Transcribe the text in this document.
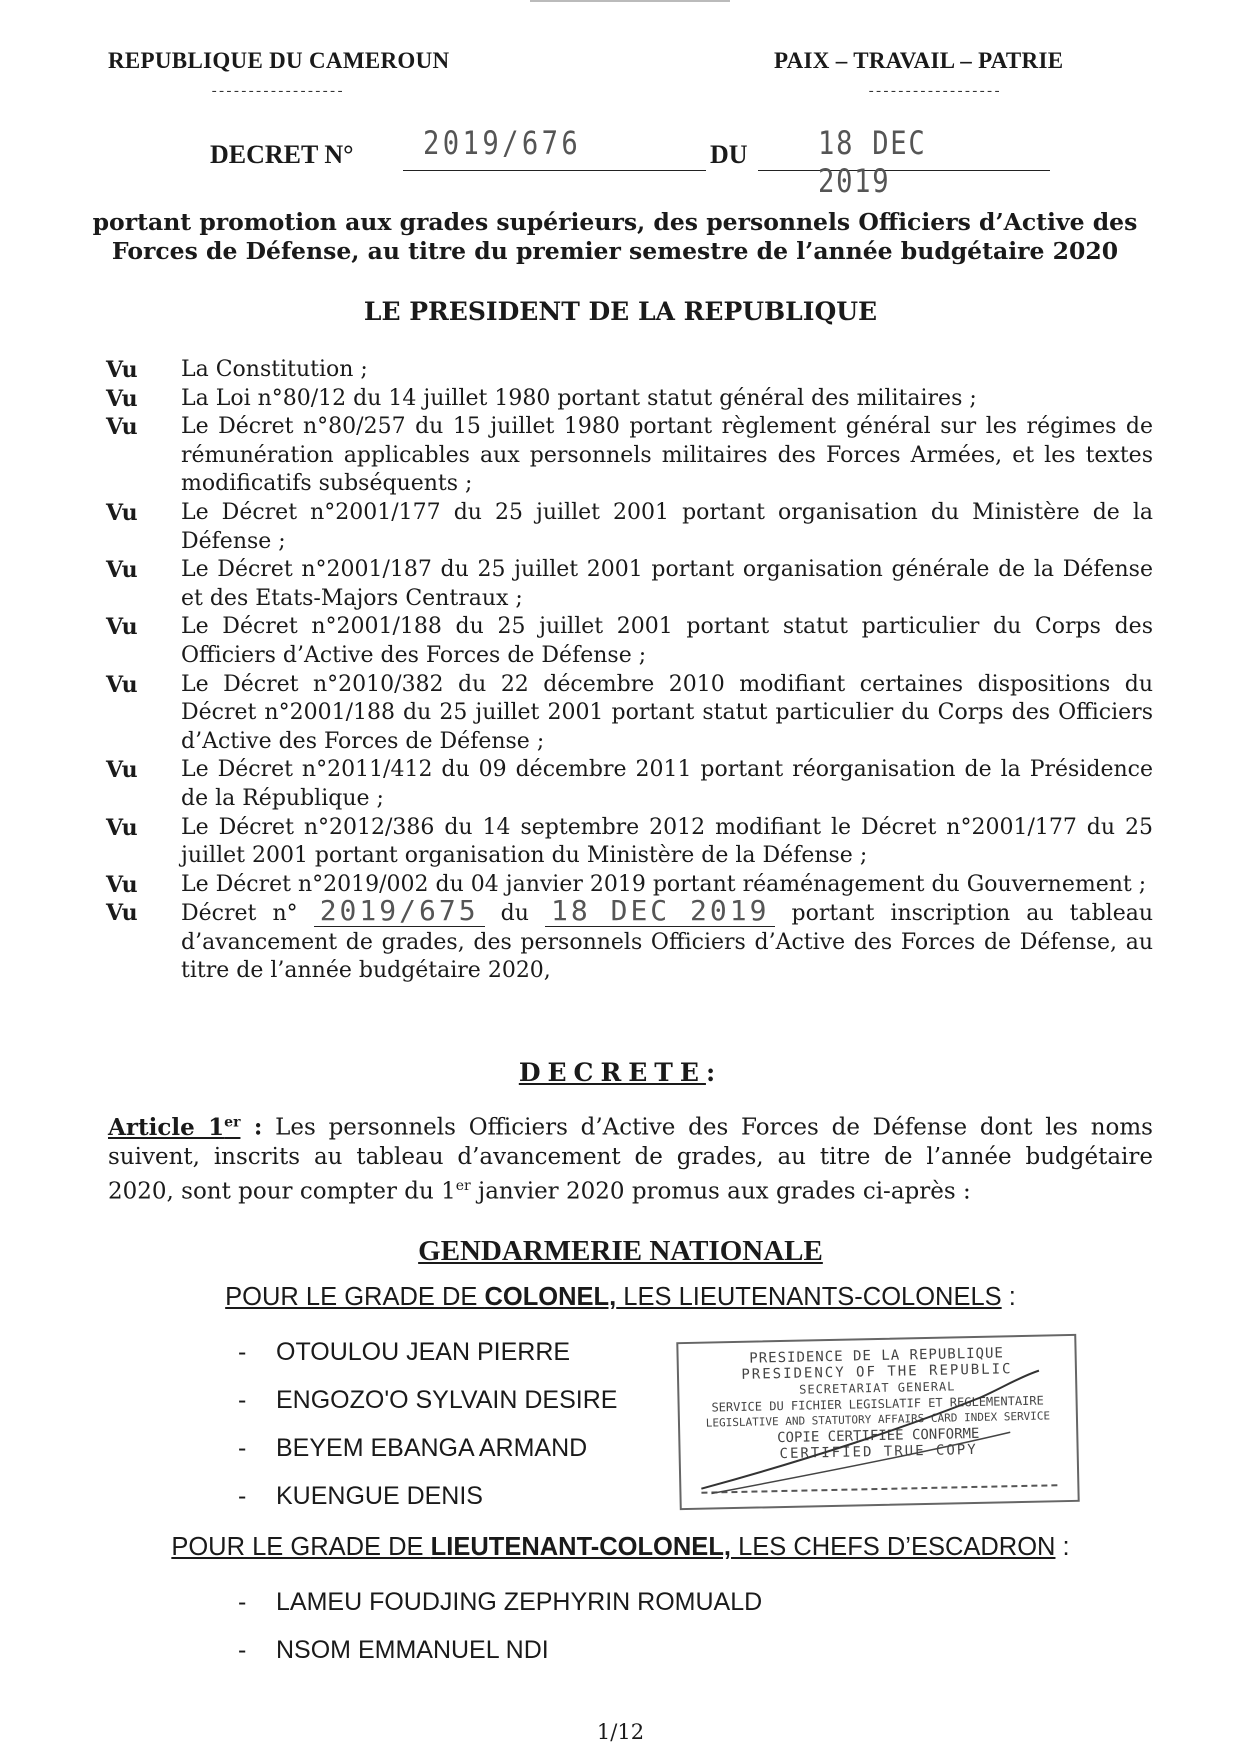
REPUBLIQUE DU CAMEROUN	PAIX – TRAVAIL – PATRIE
------------------	------------------
DECRET N° 2019/676	DU 18 DEC 2019
portant promotion aux grades supérieurs, des personnels Officiers d’Active des Forces de Défense, au titre du premier semestre de l’année budgétaire 2020
LE PRESIDENT DE LA REPUBLIQUE
Vu	La Constitution ;
Vu	La Loi n°80/12 du 14 juillet 1980 portant statut général des militaires ;
Vu	Le Décret n°80/257 du 15 juillet 1980 portant règlement général sur les régimes de rémunération applicables aux personnels militaires des Forces Armées, et les textes modificatifs subséquents ;
Vu	Le Décret n°2001/177 du 25 juillet 2001 portant organisation du Ministère de la Défense ;
Vu	Le Décret n°2001/187 du 25 juillet 2001 portant organisation générale de la Défense et des Etats-Majors Centraux ;
Vu	Le Décret n°2001/188 du 25 juillet 2001 portant statut particulier du Corps des Officiers d’Active des Forces de Défense ;
Vu	Le Décret n°2010/382 du 22 décembre 2010 modifiant certaines dispositions du Décret n°2001/188 du 25 juillet 2001 portant statut particulier du Corps des Officiers d’Active des Forces de Défense ;
Vu	Le Décret n°2011/412 du 09 décembre 2011 portant réorganisation de la Présidence de la République ;
Vu	Le Décret n°2012/386 du 14 septembre 2012 modifiant le Décret n°2001/177 du 25 juillet 2001 portant organisation du Ministère de la Défense ;
Vu	Le Décret n°2019/002 du 04 janvier 2019 portant réaménagement du Gouvernement ;
Vu	Décret n° 2019/675 du 18 DEC 2019 portant inscription au tableau d’avancement de grades, des personnels Officiers d’Active des Forces de Défense, au titre de l’année budgétaire 2020,
DECRETE:
Article 1er : Les personnels Officiers d’Active des Forces de Défense dont les noms suivent, inscrits au tableau d’avancement de grades, au titre de l’année budgétaire 2020, sont pour compter du 1er janvier 2020 promus aux grades ci-après :
GENDARMERIE NATIONALE
POUR LE GRADE DE COLONEL, LES LIEUTENANTS-COLONELS :
-	OTOULOU JEAN PIERRE
-	ENGOZO'O SYLVAIN DESIRE
-	BEYEM EBANGA ARMAND
-	KUENGUE DENIS
PRESIDENCE DE LA REPUBLIQUE
PRESIDENCY OF THE REPUBLIC
SECRETARIAT GENERAL
SERVICE DU FICHIER LEGISLATIF ET REGLEMENTAIRE
LEGISLATIVE AND STATUTORY AFFAIRS CARD INDEX SERVICE
COPIE CERTIFIEE CONFORME
CERTIFIED TRUE COPY
POUR LE GRADE DE LIEUTENANT-COLONEL, LES CHEFS D’ESCADRON :
-	LAMEU FOUDJING ZEPHYRIN ROMUALD
-	NSOM EMMANUEL NDI
1/12
